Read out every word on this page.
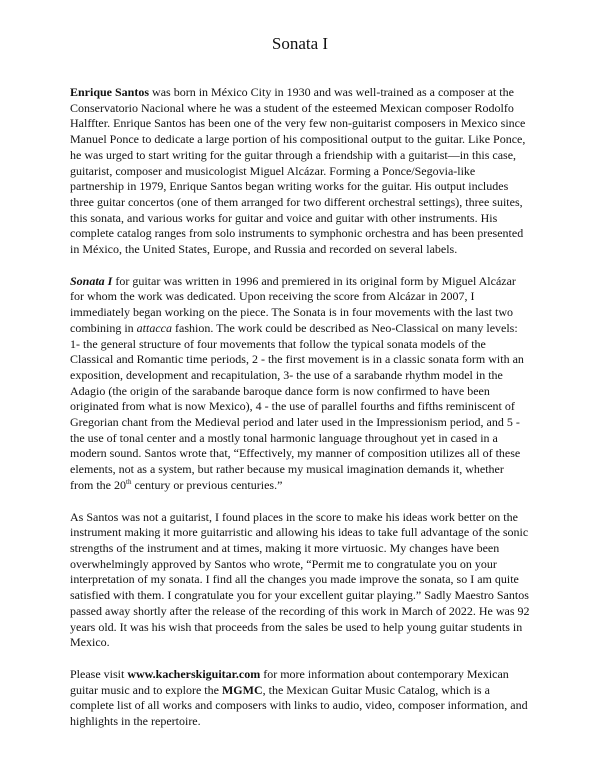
Sonata I

Enrique Santos was born in México City in 1930 and was well-trained as a composer at the Conservatorio Nacional where he was a student of the esteemed Mexican composer Rodolfo Halffter. Enrique Santos has been one of the very few non-guitarist composers in Mexico since Manuel Ponce to dedicate a large portion of his compositional output to the guitar. Like Ponce, he was urged to start writing for the guitar through a friendship with a guitarist—in this case, guitarist, composer and musicologist Miguel Alcázar. Forming a Ponce/Segovia-like partnership in 1979, Enrique Santos began writing works for the guitar. His output includes three guitar concertos (one of them arranged for two different orchestral settings), three suites, this sonata, and various works for guitar and voice and guitar with other instruments. His complete catalog ranges from solo instruments to symphonic orchestra and has been presented in México, the United States, Europe, and Russia and recorded on several labels.

Sonata I for guitar was written in 1996 and premiered in its original form by Miguel Alcázar for whom the work was dedicated. Upon receiving the score from Alcázar in 2007, I immediately began working on the piece. The Sonata is in four movements with the last two combining in attacca fashion. The work could be described as Neo-Classical on many levels: 1- the general structure of four movements that follow the typical sonata models of the Classical and Romantic time periods, 2 - the first movement is in a classic sonata form with an exposition, development and recapitulation, 3- the use of a sarabande rhythm model in the Adagio (the origin of the sarabande baroque dance form is now confirmed to have been originated from what is now Mexico), 4 - the use of parallel fourths and fifths reminiscent of Gregorian chant from the Medieval period and later used in the Impressionism period, and 5 - the use of tonal center and a mostly tonal harmonic language throughout yet in cased in a modern sound. Santos wrote that, “Effectively, my manner of composition utilizes all of these elements, not as a system, but rather because my musical imagination demands it, whether from the 20th century or previous centuries.”

As Santos was not a guitarist, I found places in the score to make his ideas work better on the instrument making it more guitarristic and allowing his ideas to take full advantage of the sonic strengths of the instrument and at times, making it more virtuosic. My changes have been overwhelmingly approved by Santos who wrote, “Permit me to congratulate you on your interpretation of my sonata. I find all the changes you made improve the sonata, so I am quite satisfied with them. I congratulate you for your excellent guitar playing.” Sadly Maestro Santos passed away shortly after the release of the recording of this work in March of 2022. He was 92 years old. It was his wish that proceeds from the sales be used to help young guitar students in Mexico.

Please visit www.kacherskiguitar.com for more information about contemporary Mexican guitar music and to explore the MGMC, the Mexican Guitar Music Catalog, which is a complete list of all works and composers with links to audio, video, composer information, and highlights in the repertoire.
